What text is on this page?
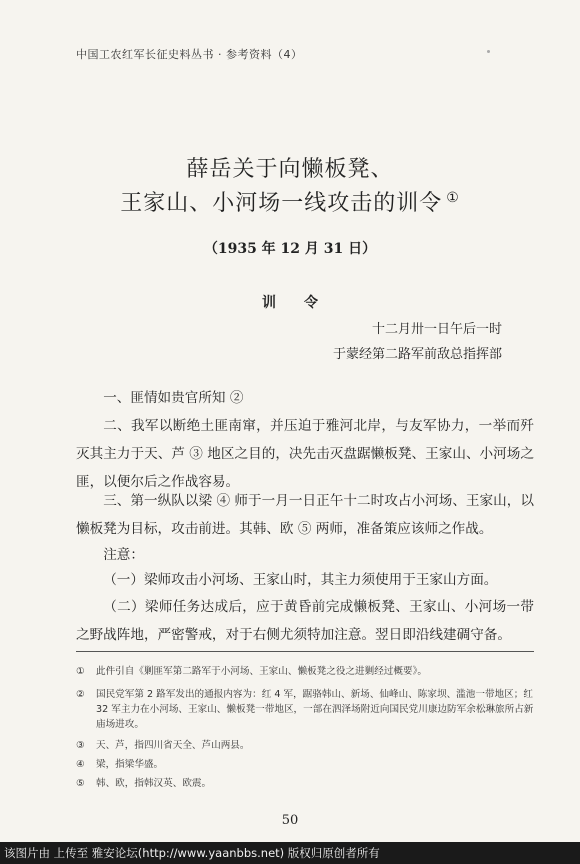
中国工农红军长征史料丛书 · 参考资料（4）
薛岳关于向懒板凳、
王家山、小河场一线攻击的训令 ①
（1935 年 12 月 31 日）
训令
十二月卅一日午后一时
于蒙经第二路军前敌总指挥部

一、匪情如贵官所知 ②

二、我军以断绝土匪南窜，并压迫于雅河北岸，与友军协力，一举而歼灭其主力于天、芦 ③ 地区之目的，决先击灭盘踞懒板凳、王家山、小河场之匪，以便尔后之作战容易。

三、第一纵队以梁 ④ 师于一月一日正午十二时攻占小河场、王家山，以懒板凳为目标，攻击前进。其韩、欧 ⑤ 两师，准备策应该师之作战。

注意：

（一）梁师攻击小河场、王家山时，其主力须使用于王家山方面。

（二）梁师任务达成后，应于黄昏前完成懒板凳、王家山、小河场一带之野战阵地，严密警戒，对于右侧尤须特加注意。翌日即沿线建碉守备。

①	此件引自《剿匪军第二路军于小河场、王家山、懒板凳之役之进剿经过概要》。
②	国民党军第 2 路军发出的通报内容为：红 4 军，踞骆韩山、新场、仙峰山、陈家坝、滥池一带地区；红 32 军主力在小河场、王家山、懒板凳一带地区，一部在泗泽场附近向国民党川康边防军余松琳旅所占新庙场进攻。
③	天、芦，指四川省天全、芦山两县。
④	梁，指梁华盛。
⑤	韩、欧，指韩汉英、欧震。
50
该图片由 上传至 雅安论坛(http://www.yaanbbs.net) 版权归原创者所有
